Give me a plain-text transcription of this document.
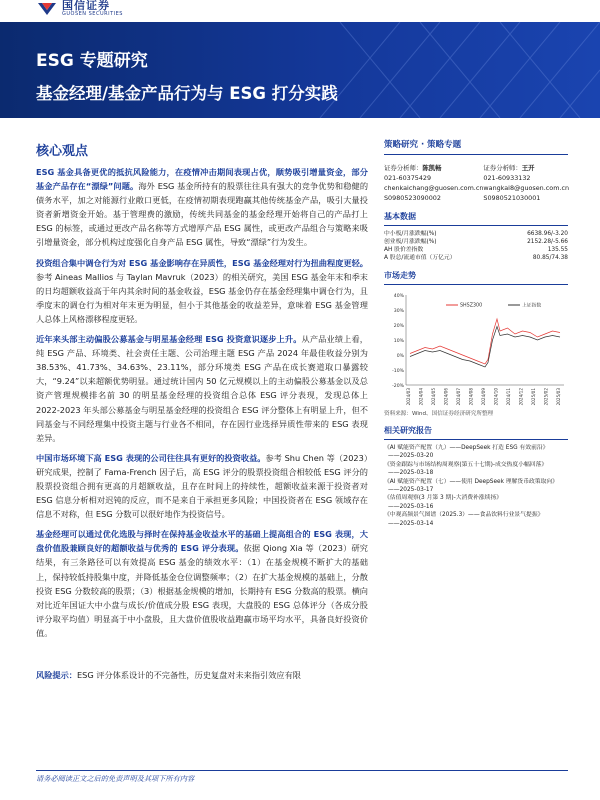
国信证券
GUOSEN SECURITIES
ESG 专题研究
基金经理/基金产品行为与 ESG 打分实践
核心观点

ESG 基金具备更优的抵抗风险能力，在疫情冲击期间表现占优，顺势吸引增量资金，部分基金产品存在“漂绿”问题。海外 ESG 基金所持有的股票往往具有强大的竞争优势和稳健的债务水平，加之对能源行业敞口更低，在疫情初期表现跑赢其他传统基金产品，吸引大量投资者新增资金开始。基于管理费的激励，传统共同基金的基金经理开始将自己的产品打上 ESG 的标签，或通过更改产品名称等方式增厚产品 ESG 属性，或更改产品组合与策略来吸引增量资金，部分机构过度强化自身产品 ESG 属性，导致“漂绿”行为发生。

投资组合集中调仓行为对 ESG 基金影响存在异质性，ESG 基金经理对行为扭曲程度更轻。参考 Aineas Mallios 与 Taylan Mavruk（2023）的相关研究，美国 ESG 基金年末和季末的日均超额收益高于年内其余时间的基金收益，ESG 基金仍存在基金经理集中调仓行为，且季度末的调仓行为相对年末更为明显，但小于其他基金的收益差异，意味着 ESG 基金管理人总体上风格漂移程度更轻。

近年来头部主动偏股公募基金与明星基金经理 ESG 投资意识逐步上升。从产品业绩上看，纯 ESG 产品、环境类、社会责任主题、公司治理主题 ESG 产品 2024 年最佳收益分别为 38.53%、41.73%、34.63%、23.11%，部分环境类 ESG 产品在成长赛道取口暴露较大，“9.24”以来超额优势明显。通过统计国内 50 亿元规模以上的主动偏股公募基金以及总资产管理规模排名前 30 的明星基金经理的投资组合总体 ESG 评分表现，发现总体上 2022-2023 年头部公募基金与明星基金经理的投资组合 ESG 评分整体上有明显上升，但不同基金与不同经理集中投资主题与行业各不相同，存在因行业选择异质性带来的 ESG 表现差异。

中国市场环境下高 ESG 表现的公司往往具有更好的投资收益。参考 Shu Chen 等（2023）研究成果，控制了 Fama-French 因子后，高 ESG 评分的股票投资组合相较低 ESG 评分的股票投资组合拥有更高的月超额收益，且存在时间上的持续性，超额收益来源于投资者对 ESG 信息分析相对迟钝的反应，而不是来自于承担更多风险；中国投资者在 ESG 领域存在信息不对称，但 ESG 分数可以很好地作为投资信号。

基金经理可以通过优化选股与择时在保持基金收益水平的基础上提高组合的 ESG 表现，大盘价值股兼顾良好的超额收益与优秀的 ESG 评分表现。依据 Qiong Xia 等（2023）研究结果，有三条路径可以有效提高 ESG 基金的绩效水平：（1）在基金规模不断扩大的基础上，保持较低持股集中度，并降低基金仓位调整频率；（2）在扩大基金规模的基础上，分散投资 ESG 分数较高的股票；（3）根据基金规模的增加，长期持有 ESG 分数高的股票。横向对比近年国证大中小盘与成长/价值成分股 ESG 表现，大盘股的 ESG 总体评分（各成分股评分取平均值）明显高于中小盘股，且大盘价值股收益跑赢市场平均水平，具备良好投资价值。

风险提示：ESG 评分体系设计的不完备性，历史复盘对未来指引效应有限
策略研究 · 策略专题
证券分析师：陈凯畅
021-60375429
chenkaichang@guosen.com.cn
S0980523090002
证券分析师：王开
021-60933132
wangkai8@guosen.com.cn
S0980521030001
基本数据
中小板/月涨跌幅(%)	6638.96/-3.20
创业板/月涨跌幅(%)	2152.28/-5.66
AH 股价差指数	135.55
A 股总/流通市值（万亿元）	80.85/74.38
市场走势
40%
30%
20%
10%
0%
-10%
-20%
2024/03 2024/04 2024/05 2024/06 2024/07 2024/08 2024/09 2024/10 2024/11 2024/12 2025/01 2025/02 2025/03
SHSZ300	上证指数
资料来源：Wind、国信证券经济研究所整理
相关研究报告
《AI 赋能资产配置（九）——DeepSeek 打造 ESG 有效前沿》
——2025-03-20
《资金跟踪与市场结构周观察(第五十七期)-成交热度小幅回落》
——2025-03-18
《AI 赋能资产配置（七）——使用 DeepSeek 理解货币政策取向》
——2025-03-17
《估值周观察(3 月第 3 期)-大消费补涨续扬》
——2025-03-16
《中观高频景气图谱（2025.3）——食品饮料行业景气提振》
——2025-03-14
请务必阅读正文之后的免责声明及其项下所有内容
